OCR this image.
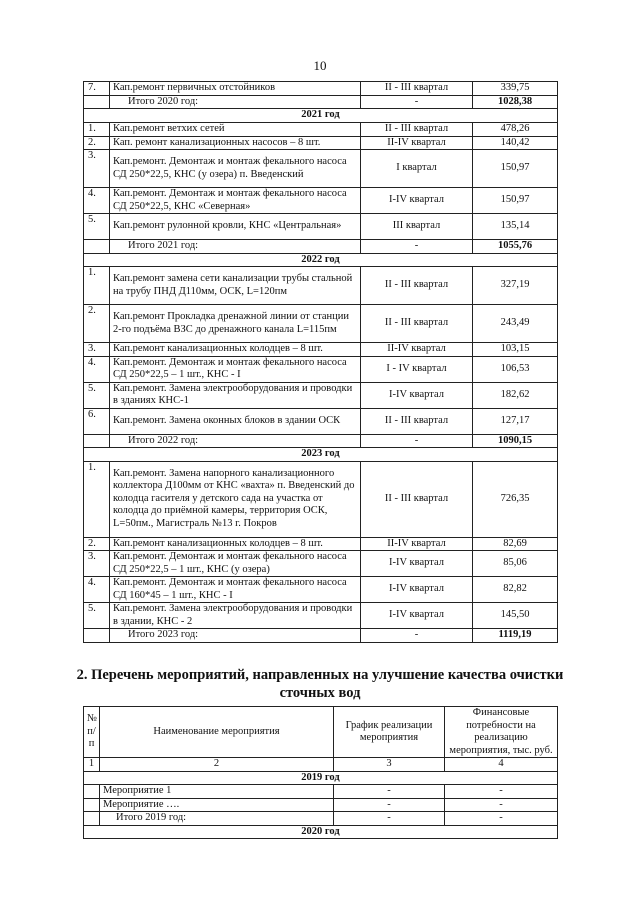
10
7.	Кап.ремонт первичных отстойников	II - III квартал	339,75
	Итого 2020 год:	-	1028,38
2021 год			
1.	Кап.ремонт ветхих сетей	II - III квартал	478,26
2.	Кап. ремонт канализационных насосов – 8 шт.	II-IV квартал	140,42
3.	Кап.ремонт. Демонтаж и монтаж фекального насоса СД 250*22,5, КНС (у озера) п. Введенский	I квартал	150,97
4.	Кап.ремонт. Демонтаж и монтаж фекального насоса СД 250*22,5, КНС «Северная»	I-IV квартал	150,97
5.	Кап.ремонт рулонной кровли, КНС «Центральная»	III квартал	135,14
	Итого 2021 год:	-	1055,76
2022 год			
1.	Кап.ремонт замена сети канализации трубы стальной на трубу ПНД Д110мм, ОСК, L=120пм	II - III квартал	327,19
2.	Кап.ремонт Прокладка дренажной линии от станции 2-го подъёма ВЗС до дренажного канала L=115пм	II - III квартал	243,49
3.	Кап.ремонт канализационных колодцев – 8 шт.	II-IV квартал	103,15
4.	Кап.ремонт. Демонтаж и монтаж фекального насоса СД 250*22,5 – 1 шт., КНС - I	I - IV квартал	106,53
5.	Кап.ремонт. Замена электрооборудования и проводки в зданиях КНС-1	I-IV квартал	182,62
6.	Кап.ремонт. Замена оконных блоков в здании ОСК	II - III квартал	127,17
	Итого 2022 год:	-	1090,15
2023 год			
1.	Кап.ремонт. Замена напорного канализационного коллектора Д100мм от КНС «вахта» п. Введенский до колодца гасителя у детского сада на участка от колодца до приёмной камеры, территория ОСК, L=50пм., Магистраль №13 г. Покров	II - III квартал	726,35
2.	Кап.ремонт канализационных колодцев – 8 шт.	II-IV квартал	82,69
3.	Кап.ремонт. Демонтаж и монтаж фекального насоса СД 250*22,5 – 1 шт., КНС (у озера)	I-IV квартал	85,06
4.	Кап.ремонт. Демонтаж и монтаж фекального насоса СД 160*45 – 1 шт., КНС - I	I-IV квартал	82,82
5.	Кап.ремонт. Замена электрооборудования и проводки в здании, КНС - 2	I-IV квартал	145,50
	Итого 2023 год:	-	1119,19
2. Перечень мероприятий, направленных на улучшение качества очистки сточных вод
№ п/п	Наименование мероприятия	График реализации мероприятия	Финансовые потребности на реализацию мероприятия, тыс. руб.
1	2	3	4
2019 год			
	Мероприятие 1	-	-
	Мероприятие ….	-	-
	Итого 2019 год:	-	-
2020 год			
